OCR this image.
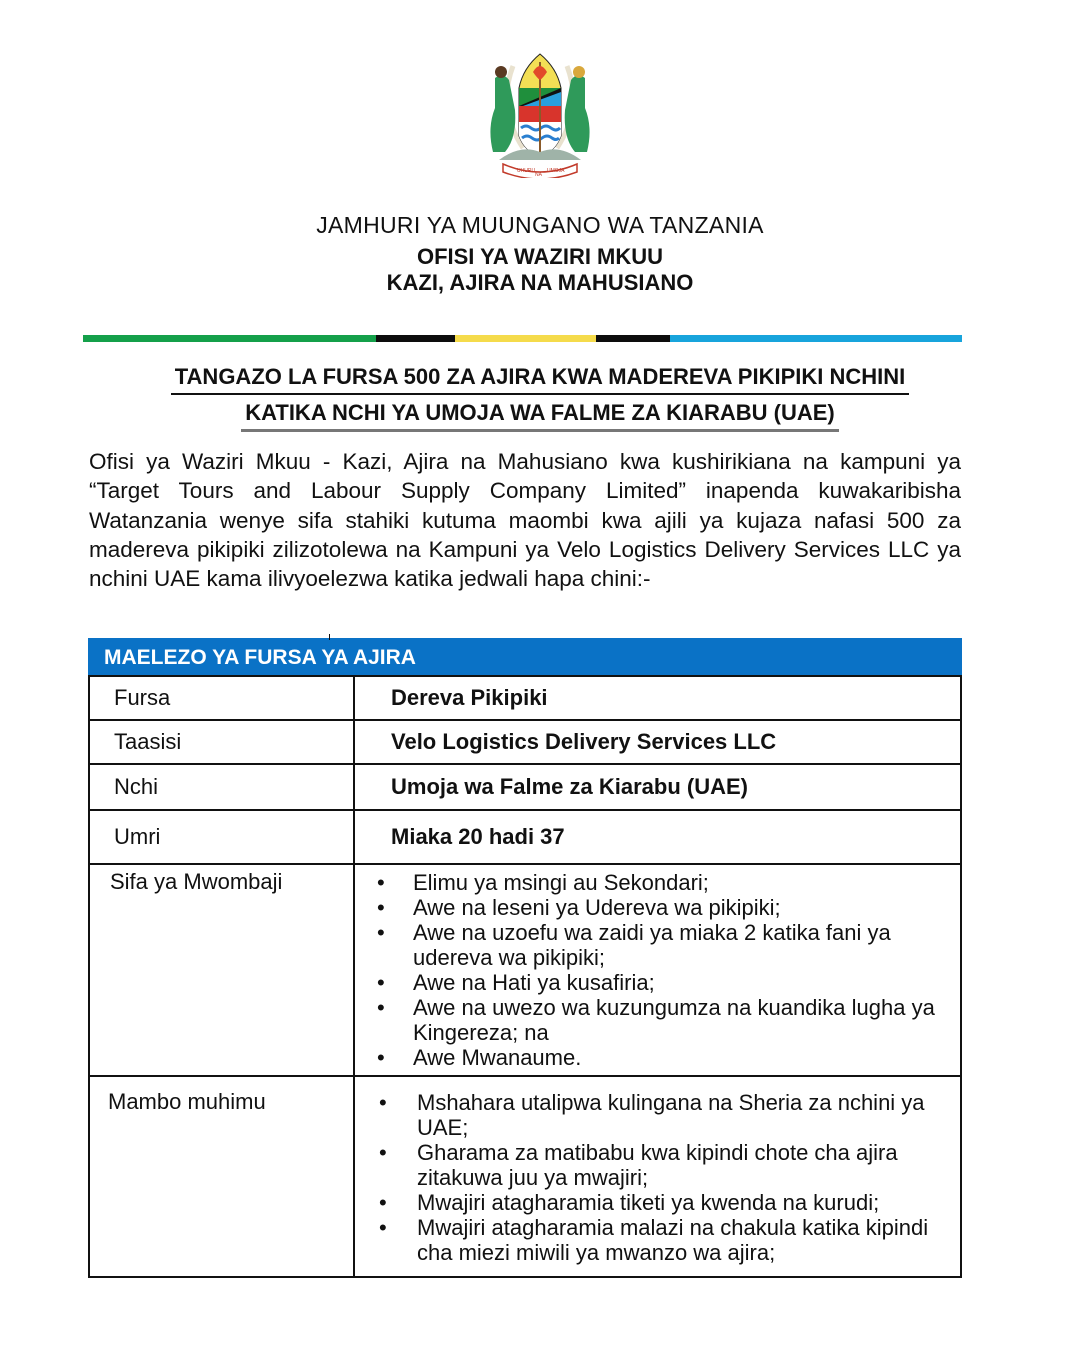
UHURU
NA
UMOJA
JAMHURI YA MUUNGANO WA TANZANIA
OFISI YA WAZIRI MKUU
KAZI, AJIRA NA MAHUSIANO
TANGAZO LA FURSA 500 ZA AJIRA KWA MADEREVA PIKIPIKI NCHINI
KATIKA NCHI YA UMOJA WA FALME ZA KIARABU (UAE)
Ofisi ya Waziri Mkuu - Kazi, Ajira na Mahusiano kwa kushirikiana na kampuni ya “Target Tours and Labour Supply Company Limited” inapenda kuwakaribisha Watanzania wenye sifa stahiki kutuma maombi kwa ajili ya kujaza nafasi 500 za madereva pikipiki zilizotolewa na Kampuni ya Velo Logistics Delivery Services LLC ya nchini UAE kama ilivyoelezwa katika jedwali hapa chini:-
MAELEZO YA FURSA YA AJIRA
Fursa	Dereva Pikipiki
Taasisi	Velo Logistics Delivery Services LLC
Nchi	Umoja wa Falme za Kiarabu (UAE)
Umri	Miaka 20 hadi 37
Sifa ya Mwombaji	
•Elimu ya msingi au Sekondari;
• Awe na leseni ya Udereva wa pikipiki;
• Awe na uzoefu wa zaidi ya miaka 2 katika fani ya udereva wa pikipiki;
• Awe na Hati ya kusafiria;
• Awe na uwezo wa kuzungumza na kuandika lugha ya Kingereza; na
• Awe Mwanaume.

Mambo muhimu	
•Mshahara utalipwa kulingana na Sheria za nchini ya UAE;
• Gharama za matibabu kwa kipindi chote cha ajira zitakuwa juu ya mwajiri;
• Mwajiri atagharamia tiketi ya kwenda na kurudi;
• Mwajiri atagharamia malazi na chakula katika kipindi cha miezi miwili ya mwanzo wa ajira;
